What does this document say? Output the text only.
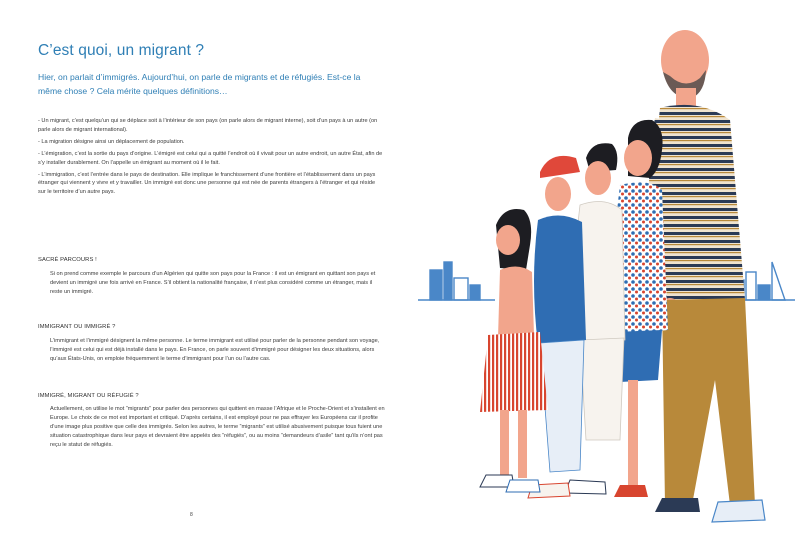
C’est quoi, un migrant ?
Hier, on parlait d’immigrés. Aujourd’hui, on parle de migrants et de réfugiés. Est-ce la même chose ? Cela mérite quelques définitions…

- Un migrant, c’est quelqu’un qui se déplace soit à l’intérieur de son pays (on parle alors de migrant interne), soit d’un pays à un autre (on parle alors de migrant international).

- La migration désigne ainsi un déplacement de population.

- L’émigration, c’est la sortie du pays d’origine. L’émigré est celui qui a quitté l’endroit où il vivait pour un autre endroit, un autre État, afin de s’y installer durablement. On l’appelle un émigrant au moment où il le fait.

- L’immigration, c’est l’entrée dans le pays de destination. Elle implique le franchissement d’une frontière et l’établissement dans un pays étranger qui viennent y vivre et y travailler. Un immigré est donc une personne qui est née de parents étrangers à l’étranger et qui réside sur le territoire d’un autre pays.

SACRÉ PARCOURS !
Si on prend comme exemple le parcours d’un Algérien qui quitte son pays pour la France : il est un émigrant en quittant son pays et devient un immigré une fois arrivé en France. S’il obtient la nationalité française, il n’est plus considéré comme un étranger, mais il reste un immigré.
IMMIGRANT OU IMMIGRÉ ?
L’immigrant et l’immigré désignent la même personne. Le terme immigrant est utilisé pour parler de la personne pendant son voyage, l’immigré est celui qui est déjà installé dans le pays. En France, on parle souvent d’immigré pour désigner les deux situations, alors qu’aux États-Unis, on emploie fréquemment le terme d’immigrant pour l’un ou l’autre cas.
IMMIGRÉ, MIGRANT OU RÉFUGIÉ ?
Actuellement, on utilise le mot “migrants” pour parler des personnes qui quittent en masse l’Afrique et le Proche-Orient et s’installent en Europe. Le choix de ce mot est important et critiqué. D’après certains, il est employé pour ne pas effrayer les Européens car il profite d’une image plus positive que celle des immigrés. Selon les autres, le terme “migrants” est utilisé abusivement puisque tous fuient une situation catastrophique dans leur pays et devraient être appelés des “réfugiés”, ou au moins “demandeurs d’asile” tant qu’ils n’ont pas reçu le statut de réfugiés.
8
